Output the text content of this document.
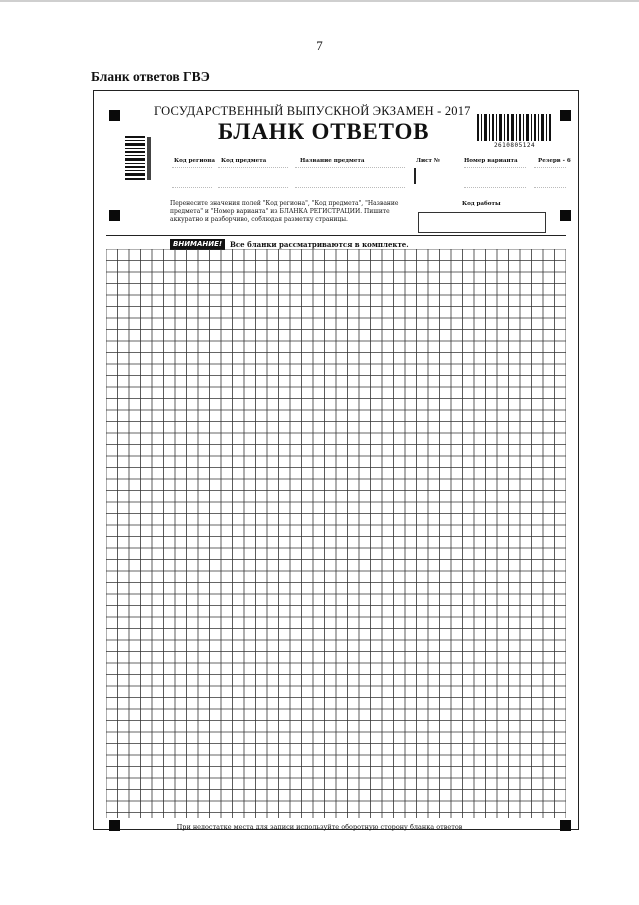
7
Бланк ответов ГВЭ
ГОСУДАРСТВЕННЫЙ ВЫПУСКНОЙ ЭКЗАМЕН - 2017
БЛАНК ОТВЕТОВ
2610805124
Код региона Код предмета	Название предмета	Лист №	Номер варианта	Резерв - 6
Перенесите значения полей "Код региона", "Код предмета", "Название предмета" и "Номер варианта" из БЛАНКА РЕГИСТРАЦИИ. Пишите аккуратно и разборчиво, соблюдая разметку страницы.
Код работы
ВНИМАНИЕ!	Все бланки рассматриваются в комплекте.
При недостатке места для записи используйте оборотную сторону бланка ответов
